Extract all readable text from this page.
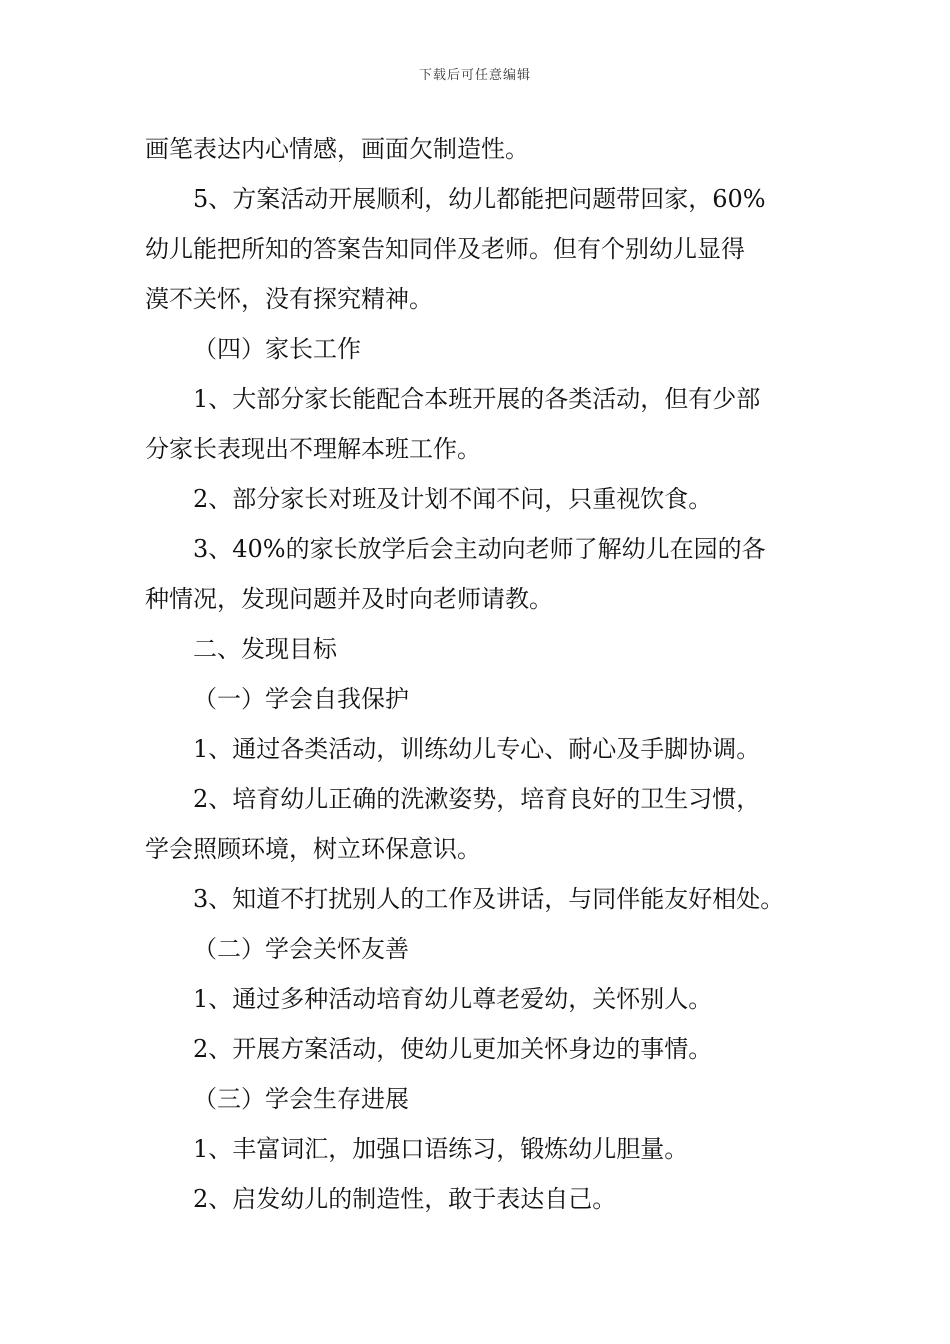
下载后可任意编辑
画笔表达内心情感，画面欠制造性。
5、方案活动开展顺利，幼儿都能把问题带回家，60%
幼儿能把所知的答案告知同伴及老师。但有个别幼儿显得
漠不关怀，没有探究精神。
（四）家长工作
1、大部分家长能配合本班开展的各类活动，但有少部
分家长表现出不理解本班工作。
2、部分家长对班及计划不闻不问，只重视饮食。
3、40%的家长放学后会主动向老师了解幼儿在园的各
种情况，发现问题并及时向老师请教。
二、发现目标
（一）学会自我保护
1、通过各类活动，训练幼儿专心、耐心及手脚协调。
2、培育幼儿正确的洗漱姿势，培育良好的卫生习惯，
学会照顾环境，树立环保意识。
3、知道不打扰别人的工作及讲话，与同伴能友好相处。
（二）学会关怀友善
1、通过多种活动培育幼儿尊老爱幼，关怀别人。
2、开展方案活动，使幼儿更加关怀身边的事情。
（三）学会生存进展
1、丰富词汇，加强口语练习，锻炼幼儿胆量。
2、启发幼儿的制造性，敢于表达自己。
